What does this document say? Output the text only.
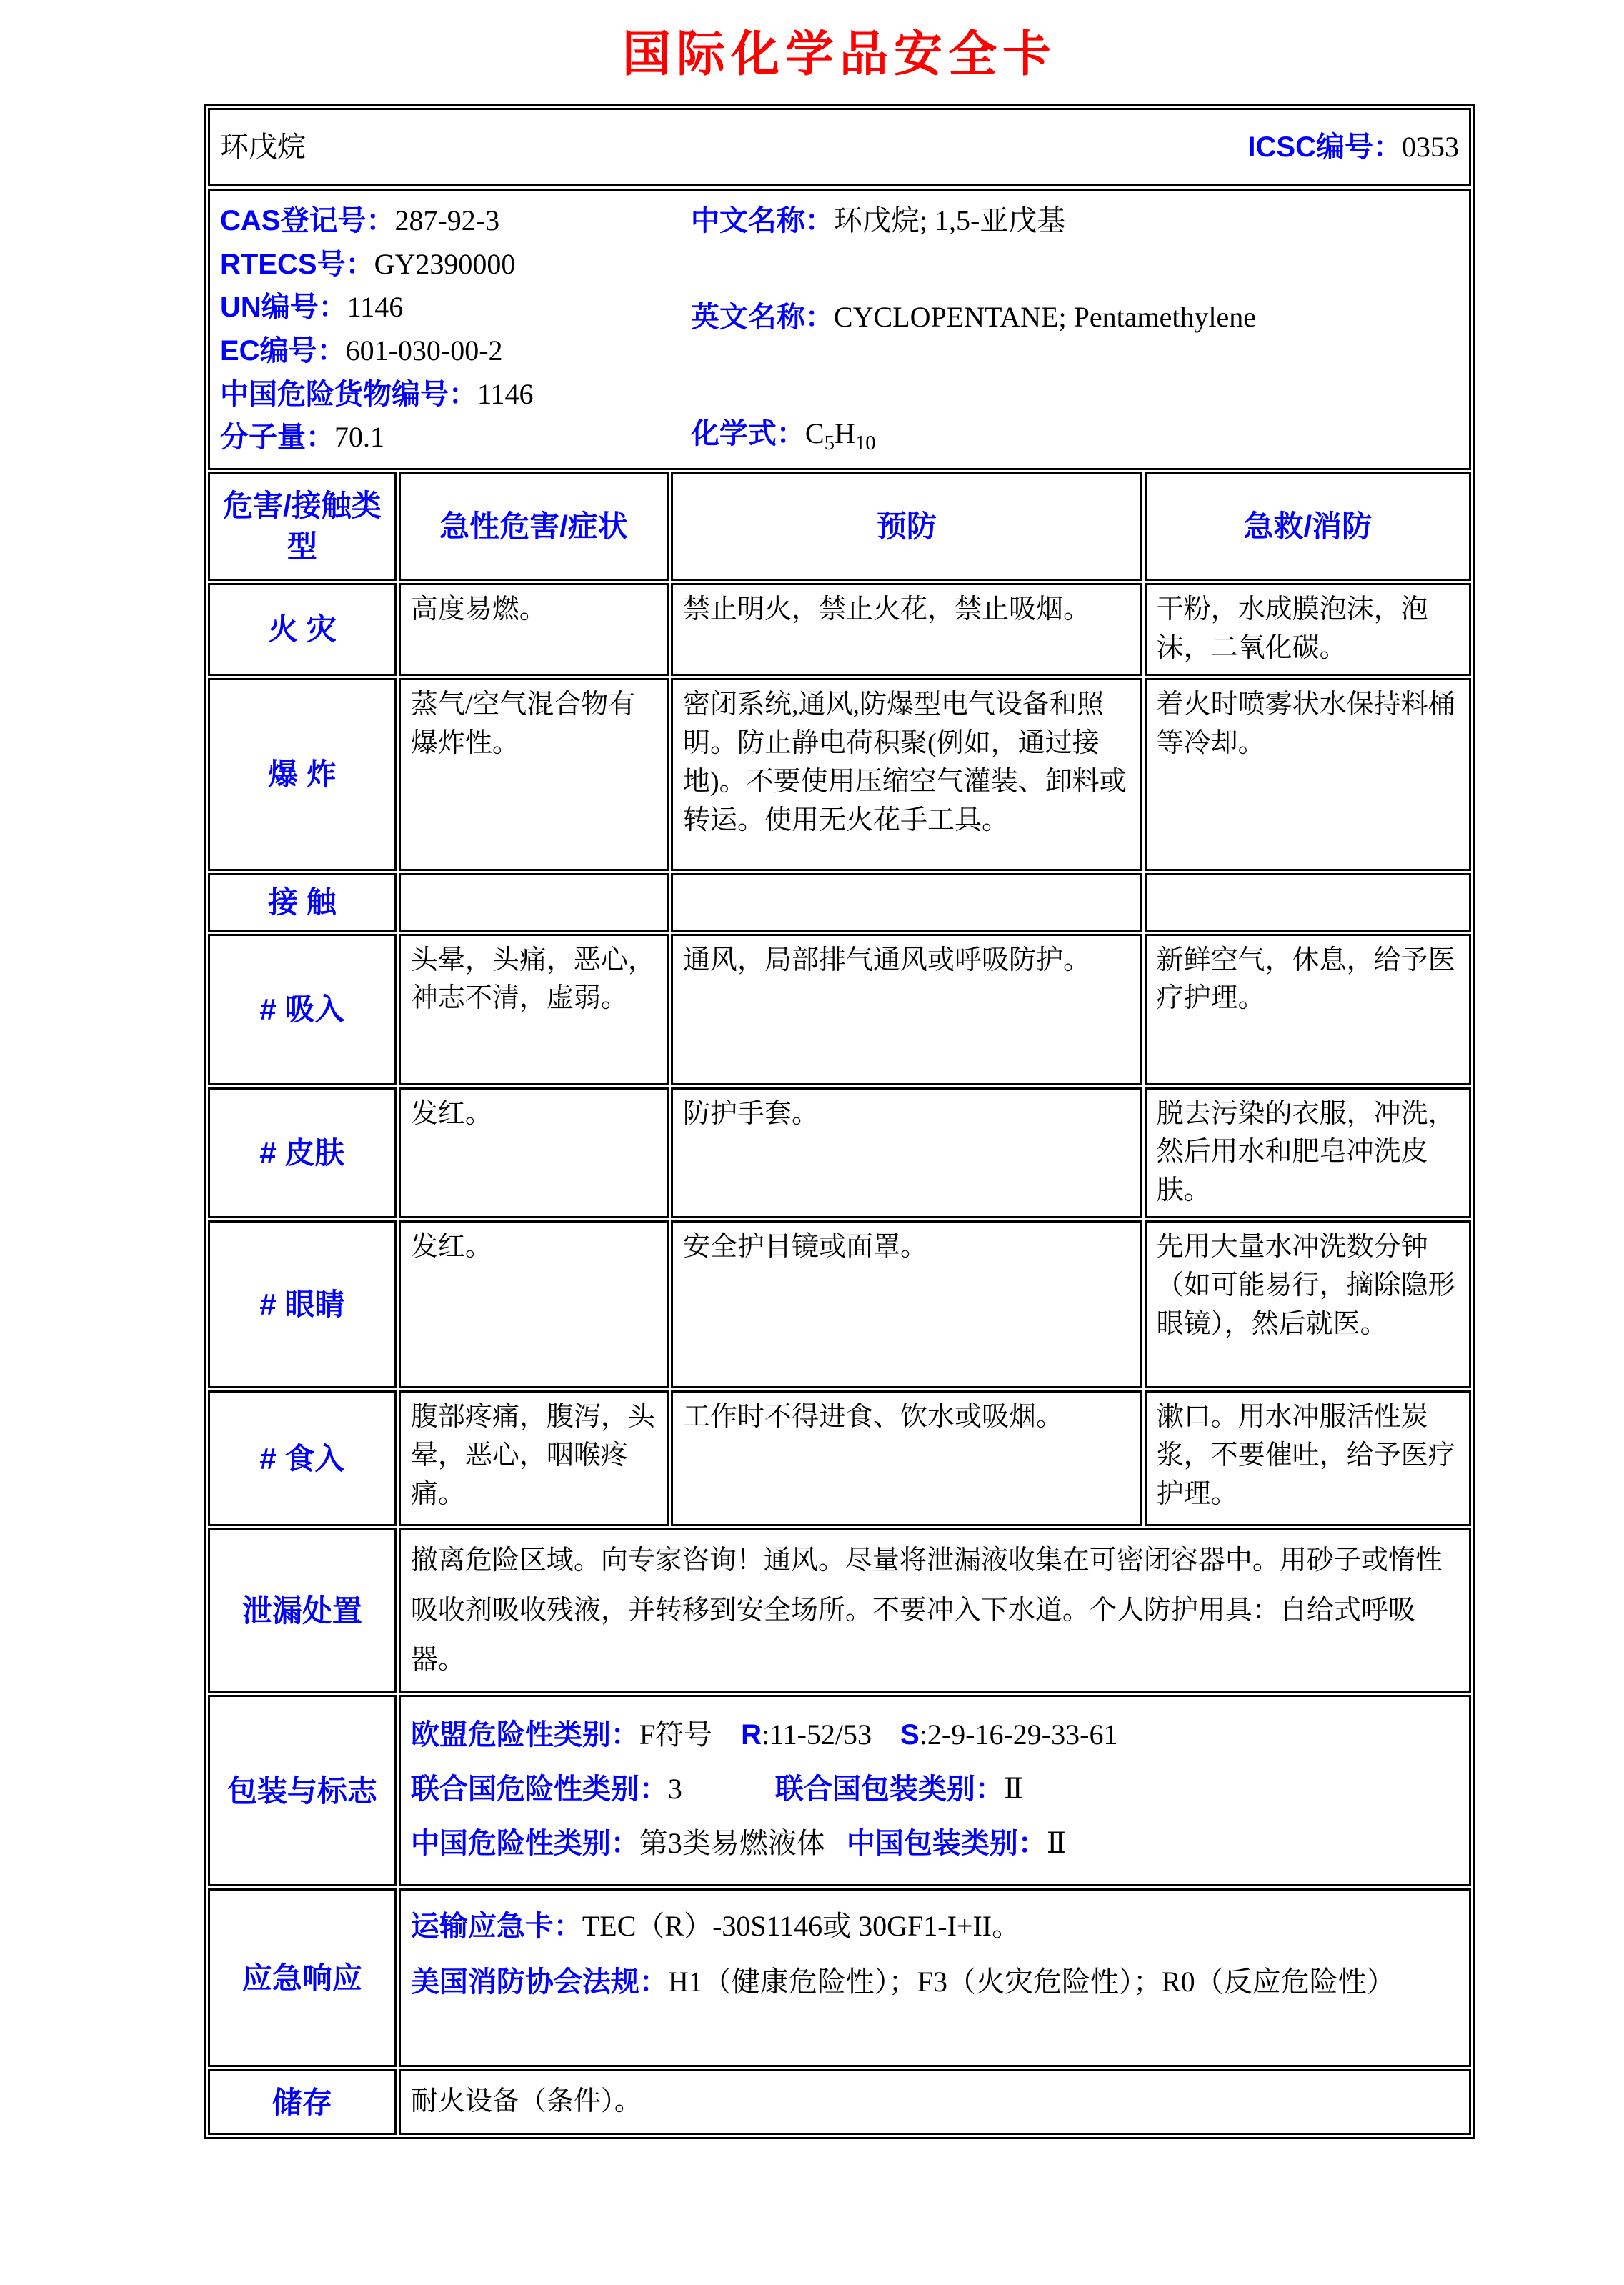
国际化学品安全卡
环戊烷 ICSC编号：0353			

CAS登记号：287-92-3
RTECS号：GY2390000
UN编号：1146
EC编号：601-030-00-2
中国危险货物编号：1146
分子量：70.1
中文名称：环戊烷; 1,5-亚戊基
英文名称：CYCLOPENTANE; Pentamethylene
化学式：$C_5H_{10}$

危害/接触类型	急性危害/症状	预防	急救/消防
火 灾	高度易燃。	禁止明火，禁止火花，禁止吸烟。	干粉，水成膜泡沫，泡沫，二氧化碳。
爆 炸	蒸气/空气混合物有爆炸性。	密闭系统,通风,防爆型电气设备和照明。防止静电荷积聚(例如，通过接地)。不要使用压缩空气灌装、卸料或转运。使用无火花手工具。	着火时喷雾状水保持料桶等冷却。
接 触			
# 吸入	头晕，头痛，恶心，神志不清，虚弱。	通风，局部排气通风或呼吸防护。	新鲜空气，休息，给予医疗护理。
# 皮肤	发红。	防护手套。	脱去污染的衣服，冲洗，然后用水和肥皂冲洗皮肤。
# 眼睛	发红。	安全护目镜或面罩。	先用大量水冲洗数分钟（如可能易行，摘除隐形眼镜），然后就医。
# 食入	腹部疼痛，腹泻，头晕，恶心，咽喉疼痛。	工作时不得进食、饮水或吸烟。	漱口。用水冲服活性炭浆，不要催吐，给予医疗护理。
泄漏处置	撤离危险区域。向专家咨询！通风。尽量将泄漏液收集在可密闭容器中。用砂子或惰性吸收剂吸收残液，并转移到安全场所。不要冲入下水道。个人防护用具：自给式呼吸器。		

包装与标志	欧盟危险性类别：F符号    R:11-52/53    S:2-9-16-29-33-61
联合国危险性类别：3             联合国包装类别：Ⅱ
中国危险性类别：第3类易燃液体   中国包装类别：Ⅱ		

应急响应	运输应急卡：TEC（R）-30S1146或 30GF1-I+II。
美国消防协会法规：H1（健康危险性）；F3（火灾危险性）；R0（反应危险性）		

储存	耐火设备（条件）。		
